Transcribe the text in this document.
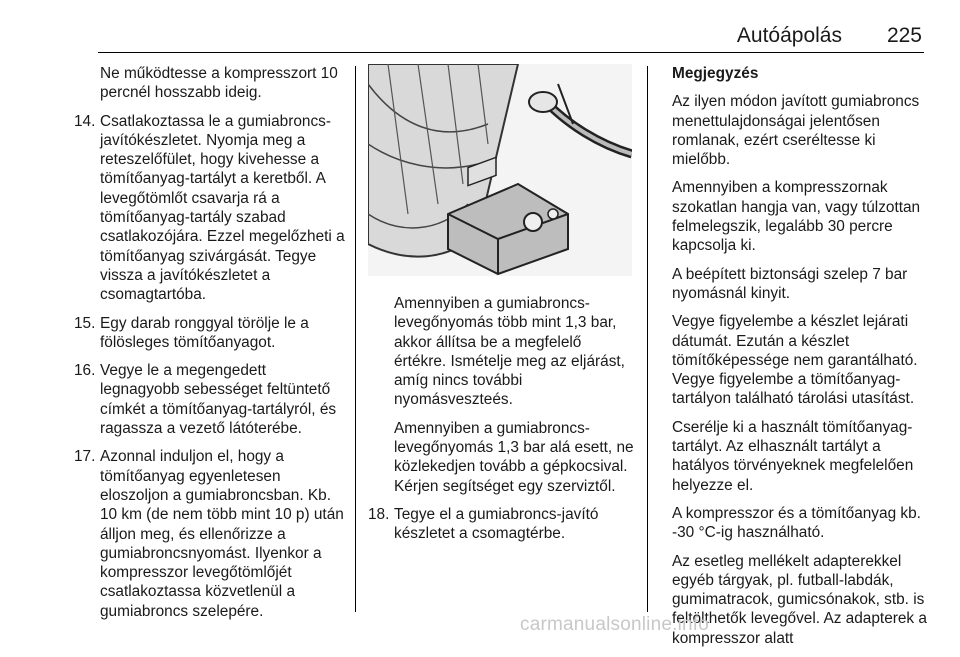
Autóápolás 225

Ne működtesse a kompresszort 10 percnél hosszabb ideig.

14. Csatlakoztassa le a gumiabroncs-javítókészletet. Nyomja meg a reteszelőfület, hogy kivehesse a tömítőanyag-tartályt a keretből. A levegőtömlőt csavarja rá a tömítőanyag-tartály szabad csatlakozójára. Ezzel megelőzheti a tömítőanyag szivárgását. Tegye vissza a javítókészletet a csomagtartóba.
15. Egy darab ronggyal törölje le a fölösleges tömítőanyagot.
16. Vegye le a megengedett legnagyobb sebességet feltüntető címkét a tömítőanyag-tartályról, és ragassza a vezető látóterébe.
17. Azonnal induljon el, hogy a tömítőanyag egyenletesen eloszoljon a gumiabroncsban. Kb. 10 km (de nem több mint 10 p) után álljon meg, és ellenőrizze a gumiabroncsnyomást. Ilyenkor a kompresszor levegőtömlőjét csatlakoztassa közvetlenül a gumiabroncs szelepére.

Amennyiben a gumiabroncs-levegőnyomás több mint 1,3 bar, akkor állítsa be a megfelelő értékre. Ismételje meg az eljárást, amíg nincs további nyomásveszteés.

Amennyiben a gumiabroncs-levegőnyomás 1,3 bar alá esett, ne közlekedjen tovább a gépkocsival. Kérjen segítséget egy szerviztől.

18. Tegye el a gumiabroncs-javító készletet a csomagtérbe.

Megjegyzés

Az ilyen módon javított gumiabroncs menettulajdonságai jelentősen romlanak, ezért cseréltesse ki mielőbb.

Amennyiben a kompresszornak szokatlan hangja van, vagy túlzottan felmelegszik, legalább 30 percre kapcsolja ki.

A beépített biztonsági szelep 7 bar nyomásnál kinyit.

Vegye figyelembe a készlet lejárati dátumát. Ezután a készlet tömítőképessége nem garantálható. Vegye figyelembe a tömítőanyag-tartályon található tárolási utasítást.

Cserélje ki a használt tömítőanyag-tartályt. Az elhasznált tartályt a hatályos törvényeknek megfelelően helyezze el.

A kompresszor és a tömítőanyag kb. -30 °C-ig használható.

Az esetleg mellékelt adapterekkel egyéb tárgyak, pl. futball-labdák, gumimatracok, gumicsónakok, stb. is feltölthetők levegővel. Az adapterek a kompresszor alatt

carmanualsonline.info
